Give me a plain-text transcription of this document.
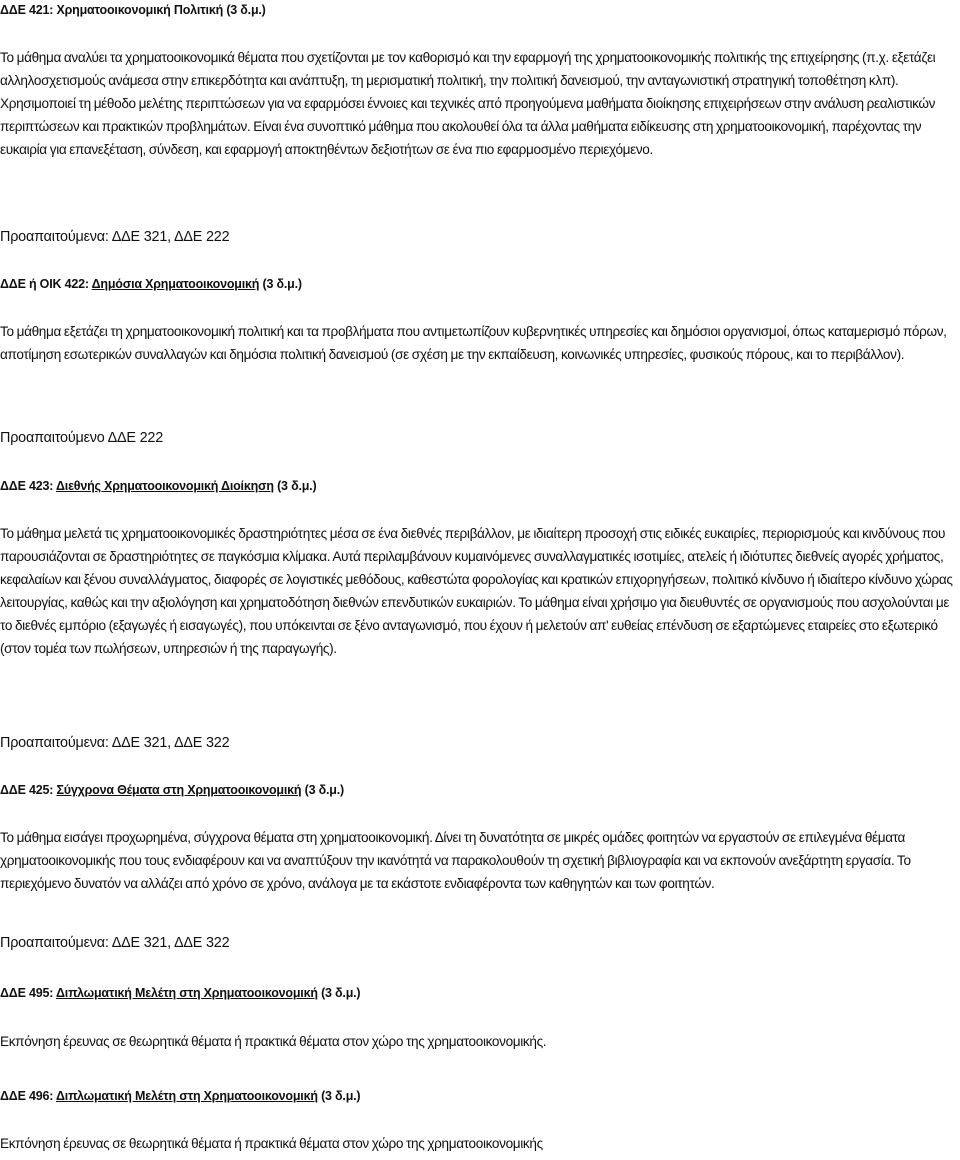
ΔΔΕ 421: Χρηματοοικονομική Πολιτική (3 δ.μ.)

Το μάθημα αναλύει τα χρηματοοικονομικά θέματα που σχετίζονται με τον καθορισμό και την εφαρμογή της χρηματοοικονομικής πολιτικής της επιχείρησης (π.χ. εξετάζει αλληλοσχετισμούς ανάμεσα στην επικερδότητα και ανάπτυξη, τη μερισματική πολιτική, την πολιτική δανεισμού, την ανταγωνιστική στρατηγική τοποθέτηση κλπ). Χρησιμοποιεί τη μέθοδο μελέτης περιπτώσεων για να εφαρμόσει έννοιες και τεχνικές από προηγούμενα μαθήματα διοίκησης επιχειρήσεων στην ανάλυση ρεαλιστικών περιπτώσεων και πρακτικών προβλημάτων. Είναι ένα συνοπτικό μάθημα που ακολουθεί όλα τα άλλα μαθήματα ειδίκευσης στη χρηματοοικονομική, παρέχοντας την ευκαιρία για επανεξέταση, σύνδεση, και εφαρμογή αποκτηθέντων δεξιοτήτων σε ένα πιο εφαρμοσμένο περιεχόμενο.

Προαπαιτούμενα: ΔΔΕ 321, ΔΔΕ 222
ΔΔΕ ή ΟΙΚ 422: Δημόσια Χρηματοοικονομική (3 δ.μ.)

Το μάθημα εξετάζει τη χρηματοοικονομική πολιτική και τα προβλήματα που αντιμετωπίζουν κυβερνητικές υπηρεσίες και δημόσιοι οργανισμοί, όπως καταμερισμό πόρων, αποτίμηση εσωτερικών συναλλαγών και δημόσια πολιτική δανεισμού (σε σχέση με την εκπαίδευση, κοινωνικές υπηρεσίες, φυσικούς πόρους, και το περιβάλλον).

Προαπαιτούμενο ΔΔΕ 222
ΔΔΕ 423: Διεθνής Χρηματοοικονομική Διοίκηση (3 δ.μ.)

Το μάθημα μελετά τις χρηματοοικονομικές δραστηριότητες μέσα σε ένα διεθνές περιβάλλον, με ιδιαίτερη προσοχή στις ειδικές ευκαιρίες, περιορισμούς και κινδύνους που παρουσιάζονται σε δραστηριότητες σε παγκόσμια κλίμακα. Αυτά περιλαμβάνουν κυμαινόμενες συναλλαγματικές ισοτιμίες, ατελείς ή ιδιότυπες διεθνείς αγορές χρήματος, κεφαλαίων και ξένου συναλλάγματος, διαφορές σε λογιστικές μεθόδους, καθεστώτα φορολογίας και κρατικών επιχορηγήσεων, πολιτικό κίνδυνο ή ιδιαίτερο κίνδυνο χώρας λειτουργίας, καθώς και την αξιολόγηση και χρηματοδότηση διεθνών επενδυτικών ευκαιριών. Το μάθημα είναι χρήσιμο για διευθυντές σε οργανισμούς που ασχολούνται με το διεθνές εμπόριο (εξαγωγές ή εισαγωγές), που υπόκεινται σε ξένο ανταγωνισμό, που έχουν ή μελετούν απ' ευθείας επένδυση σε εξαρτώμενες εταιρείες στο εξωτερικό (στον τομέα των πωλήσεων, υπηρεσιών ή της παραγωγής).

Προαπαιτούμενα: ΔΔΕ 321, ΔΔΕ 322
ΔΔΕ 425: Σύγχρονα Θέματα στη Χρηματοοικονομική (3 δ.μ.)

Το μάθημα εισάγει προχωρημένα, σύγχρονα θέματα στη χρηματοοικονομική. Δίνει τη δυνατότητα σε μικρές ομάδες φοιτητών να εργαστούν σε επιλεγμένα θέματα χρηματοοικονομικής που τους ενδιαφέρουν και να αναπτύξουν την ικανότητά να παρακολουθούν τη σχετική βιβλιογραφία και να εκπονούν ανεξάρτητη εργασία. Το περιεχόμενο δυνατόν να αλλάζει από χρόνο σε χρόνο, ανάλογα με τα εκάστοτε ενδιαφέροντα των καθηγητών και των φοιτητών.

Προαπαιτούμενα: ΔΔΕ 321, ΔΔΕ 322
ΔΔΕ 495: Διπλωματική Μελέτη στη Χρηματοοικονομική (3 δ.μ.)

Εκπόνηση έρευνας σε θεωρητικά θέματα ή πρακτικά θέματα στον χώρο της χρηματοοικονομικής.

ΔΔΕ 496: Διπλωματική Μελέτη στη Χρηματοοικονομική (3 δ.μ.)

Εκπόνηση έρευνας σε θεωρητικά θέματα ή πρακτικά θέματα στον χώρο της χρηματοοικονομικής
